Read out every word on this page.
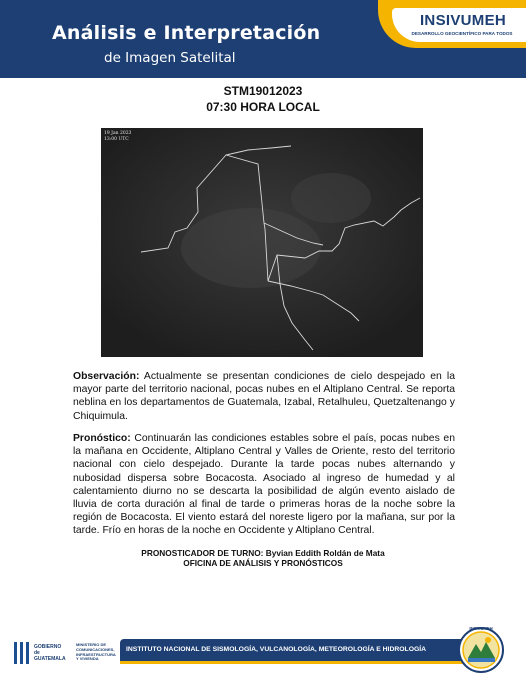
Análisis e Interpretación
de Imagen Satelital
INSIVUMEH
DESARROLLO GEOCIENTÍFICO PARA TODOS
STM19012023
07:30 HORA LOCAL
19 Jan 2023
13:00 UTC
Observación: Actualmente se presentan condiciones de cielo despejado en la mayor parte del territorio nacional, pocas nubes en el Altiplano Central. Se reporta neblina en los departamentos de Guatemala, Izabal, Retalhuleu, Quetzaltenango y Chiquimula.
Pronóstico: Continuarán las condiciones estables sobre el país, pocas nubes en la mañana en Occidente, Altiplano Central y Valles de Oriente, resto del territorio nacional con cielo despejado. Durante la tarde pocas nubes alternando y nubosidad dispersa sobre Bocacosta. Asociado al ingreso de humedad y al calentamiento diurno no se descarta la posibilidad de algún evento aislado de lluvia de corta duración al final de tarde o primeras horas de la noche sobre la región de Bocacosta. El viento estará del noreste ligero por la mañana, sur por la tarde. Frío en horas de la noche en Occidente y Altiplano Central.
PRONOSTICADOR DE TURNO: Byvian Eddith Roldán de Mata
OFICINA DE ANÁLISIS Y PRONÓSTICOS
GOBIERNO de GUATEMALA
MINISTERIO DE COMUNICACIONES, INFRAESTRUCTURA Y VIVIENDA
INSTITUTO NACIONAL DE SISMOLOGÍA, VULCANOLOGÍA, METEOROLOGÍA E HIDROLOGÍA
INSIVUMEH
